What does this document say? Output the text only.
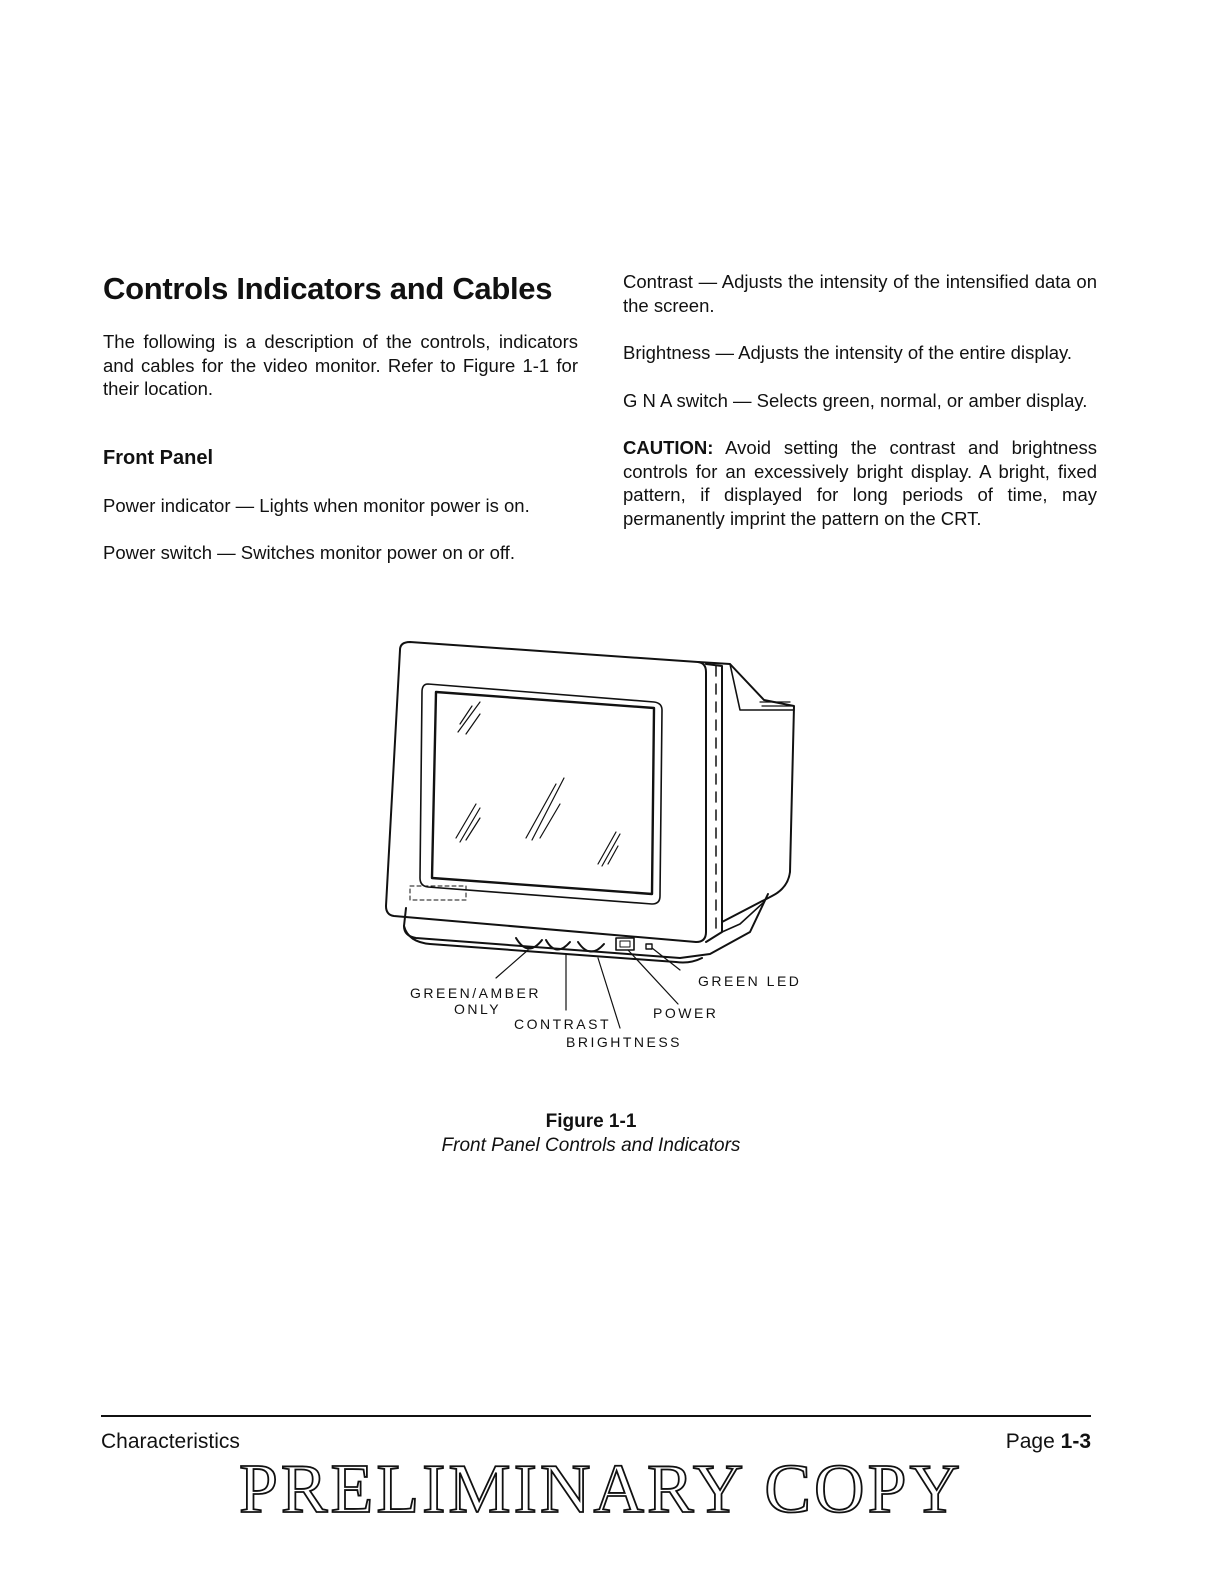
Controls Indicators and Cables

The following is a description of the controls, indicators and cables for the video monitor. Refer to Figure 1-1 for their location.

Front Panel

Power indicator — Lights when monitor power is on.

Power switch — Switches monitor power on or off.

Contrast — Adjusts the intensity of the intensified data on the screen.

Brightness — Adjusts the intensity of the entire display.

G N A switch — Selects green, normal, or amber display.

CAUTION: Avoid setting the contrast and brightness controls for an excessively bright display. A bright, fixed pattern, if displayed for long periods of time, may permanently imprint the pattern on the CRT.

GREEN/AMBER
ONLY
CONTRAST
BRIGHTNESS
POWER
GREEN LED
Figure 1-1
Front Panel Controls and Indicators
Characteristics	Page 1-3
PRELIMINARY COPY
